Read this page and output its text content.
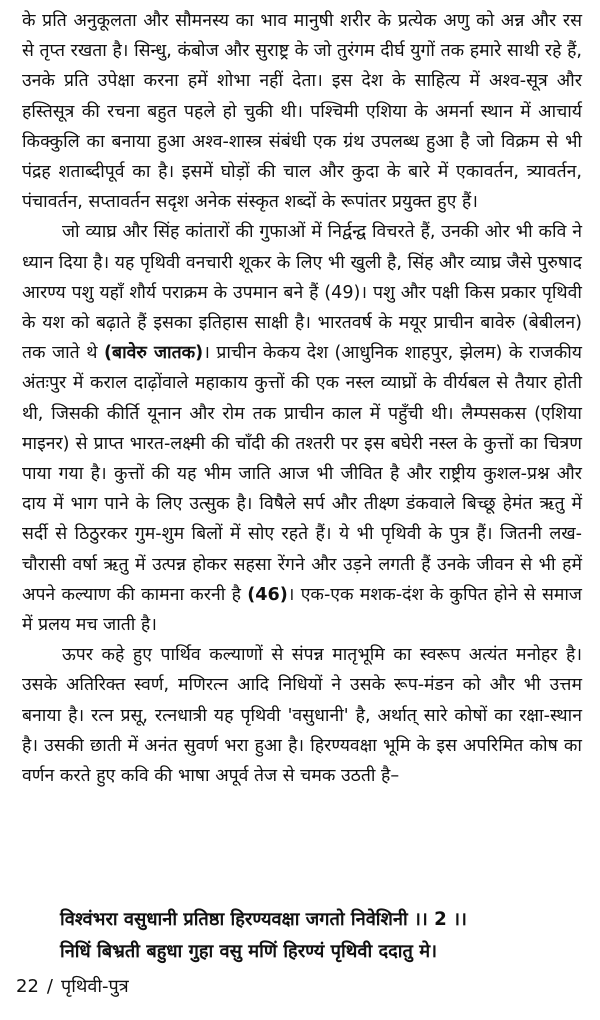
के प्रति अनुकूलता और सौमनस्य का भाव मानुषी शरीर के प्रत्येक अणु को अन्न और रस से तृप्त रखता है। सिन्धु, कंबोज और सुराष्ट्र के जो तुरंगम दीर्घ युगों तक हमारे साथी रहे हैं, उनके प्रति उपेक्षा करना हमें शोभा नहीं देता। इस देश के साहित्य में अश्व-सूत्र और हस्तिसूत्र की रचना बहुत पहले हो चुकी थी। पश्चिमी एशिया के अमर्ना स्थान में आचार्य किक्कुलि का बनाया हुआ अश्व-शास्त्र संबंधी एक ग्रंथ उपलब्ध हुआ है जो विक्रम से भी पंद्रह शताब्दीपूर्व का है। इसमें घोड़ों की चाल और कुदा के बारे में एकावर्तन, त्र्यावर्तन, पंचावर्तन, सप्तावर्तन सदृश अनेक संस्कृत शब्दों के रूपांतर प्रयुक्त हुए हैं।

जो व्याघ्र और सिंह कांतारों की गुफाओं में निर्द्वन्द्व विचरते हैं, उनकी ओर भी कवि ने ध्यान दिया है। यह पृथिवी वनचारी शूकर के लिए भी खुली है, सिंह और व्याघ्र जैसे पुरुषाद आरण्य पशु यहाँ शौर्य पराक्रम के उपमान बने हैं (49)। पशु और पक्षी किस प्रकार पृथिवी के यश को बढ़ाते हैं इसका इतिहास साक्षी है। भारतवर्ष के मयूर प्राचीन बावेरु (बेबीलन) तक जाते थे (बावेरु जातक)। प्राचीन केकय देश (आधुनिक शाहपुर, झेलम) के राजकीय अंतःपुर में कराल दाढ़ोंवाले महाकाय कुत्तों की एक नस्ल व्याघ्रों के वीर्यबल से तैयार होती थी, जिसकी कीर्ति यूनान और रोम तक प्राचीन काल में पहुँची थी। लैम्पसकस (एशिया माइनर) से प्राप्त भारत-लक्ष्मी की चाँदी की तश्तरी पर इस बघेरी नस्ल के कुत्तों का चित्रण पाया गया है। कुत्तों की यह भीम जाति आज भी जीवित है और राष्ट्रीय कुशल-प्रश्न और दाय में भाग पाने के लिए उत्सुक है। विषैले सर्प और तीक्ष्ण डंकवाले बिच्छू हेमंत ऋतु में सर्दी से ठिठुरकर गुम-शुम बिलों में सोए रहते हैं। ये भी पृथिवी के पुत्र हैं। जितनी लख-चौरासी वर्षा ऋतु में उत्पन्न होकर सहसा रेंगने और उड़ने लगती हैं उनके जीवन से भी हमें अपने कल्याण की कामना करनी है (46)। एक-एक मशक-दंश के कुपित होने से समाज में प्रलय मच जाती है।

ऊपर कहे हुए पार्थिव कल्याणों से संपन्न मातृभूमि का स्वरूप अत्यंत मनोहर है। उसके अतिरिक्त स्वर्ण, मणिरत्न आदि निधियों ने उसके रूप-मंडन को और भी उत्तम बनाया है। रत्न प्रसू, रत्नधात्री यह पृथिवी 'वसुधानी' है, अर्थात् सारे कोषों का रक्षा-स्थान है। उसकी छाती में अनंत सुवर्ण भरा हुआ है। हिरण्यवक्षा भूमि के इस अपरिमित कोष का वर्णन करते हुए कवि की भाषा अपूर्व तेज से चमक उठती है–

विश्वंभरा वसुधानी प्रतिष्ठा हिरण्यवक्षा जगतो निवेशिनी ।। 2 ।।
निधिं बिभ्रती बहुधा गुहा वसु मणिं हिरण्यं पृथिवी ददातु मे।
22 / पृथिवी-पुत्र
